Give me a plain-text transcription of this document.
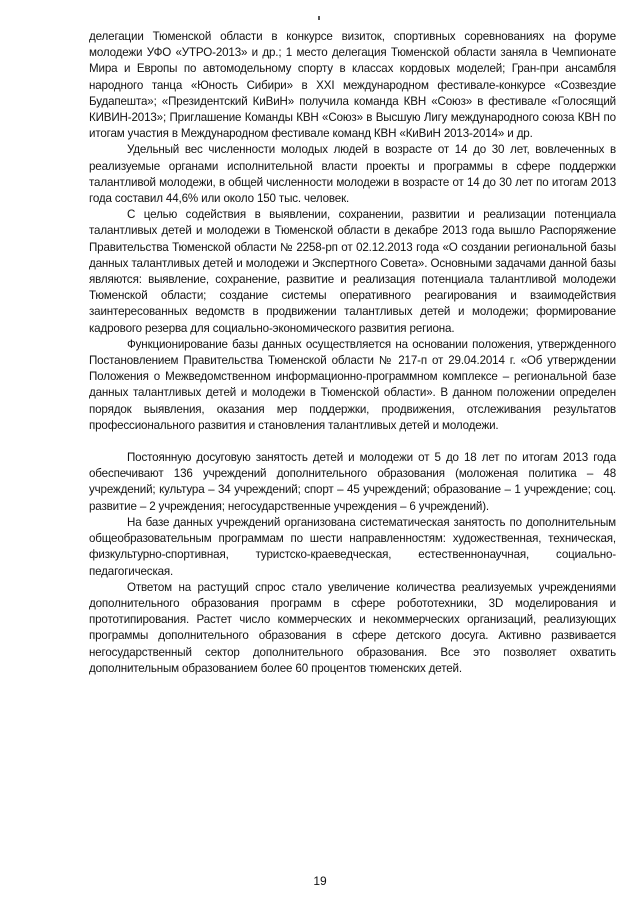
делегации Тюменской области в конкурсе визиток, спортивных соревнованиях на форуме молодежи УФО «УТРО-2013» и др.; 1 место делегация Тюменской области заняла в Чемпионате Мира и Европы по автомодельному спорту в классах кордовых моделей; Гран-при ансамбля народного танца «Юность Сибири» в XXI международном фестивале-конкурсе «Созвездие Будапешта»; «Президентский КиВиН» получила команда КВН «Союз» в фестивале «Голосящий КИВИН-2013»; Приглашение Команды КВН «Союз» в Высшую Лигу международного союза КВН по итогам участия в Международном фестивале команд КВН «КиВиН 2013-2014» и др.

Удельный вес численности молодых людей в возрасте от 14 до 30 лет, вовлеченных в реализуемые органами исполнительной власти проекты и программы в сфере поддержки талантливой молодежи, в общей численности молодежи в возрасте от 14 до 30 лет по итогам 2013 года составил 44,6% или около 150 тыс. человек.

С целью содействия в выявлении, сохранении, развитии и реализации потенциала талантливых детей и молодежи в Тюменской области в декабре 2013 года вышло Распоряжение Правительства Тюменской области № 2258-рп от 02.12.2013 года «О создании региональной базы данных талантливых детей и молодежи и Экспертного Совета». Основными задачами данной базы являются: выявление, сохранение, развитие и реализация потенциала талантливой молодежи Тюменской области; создание системы оперативного реагирования и взаимодействия заинтересованных ведомств в продвижении талантливых детей и молодежи; формирование кадрового резерва для социально-экономического развития региона.

Функционирование базы данных осуществляется на основании положения, утвержденного Постановлением Правительства Тюменской области № 217-п от 29.04.2014 г. «Об утверждении Положения о Межведомственном информационно-программном комплексе – региональной базе данных талантливых детей и молодежи в Тюменской области». В данном положении определен порядок выявления, оказания мер поддержки, продвижения, отслеживания результатов профессионального развития и становления талантливых детей и молодежи.

Постоянную досуговую занятость детей и молодежи от 5 до 18 лет по итогам 2013 года обеспечивают 136 учреждений дополнительного образования (моложеная политика – 48 учреждений; культура – 34 учреждений; спорт – 45 учреждений; образование – 1 учреждение; соц. развитие – 2 учреждения; негосударственные учреждения – 6 учреждений).

На базе данных учреждений организована систематическая занятость по дополнительным общеобразовательным программам по шести направленностям: художественная, техническая, физкультурно-спортивная, туристско-краеведческая, естественнонаучная, социально-педагогическая.

Ответом на растущий спрос стало увеличение количества реализуемых учреждениями дополнительного образования программ в сфере робототехники, 3D моделирования и прототипирования. Растет число коммерческих и некоммерческих организаций, реализующих программы дополнительного образования в сфере детского досуга. Активно развивается негосударственный сектор дополнительного образования. Все это позволяет охватить дополнительным образованием более 60 процентов тюменских детей.

19
